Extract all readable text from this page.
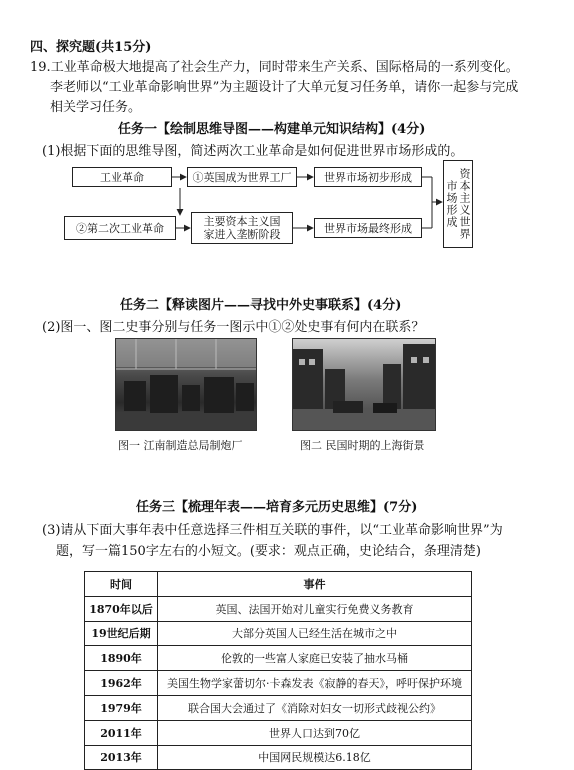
四、探究题(共15分)
19.工业革命极大地提高了社会生产力，同时带来生产关系、国际格局的一系列变化。
李老师以“工业革命影响世界”为主题设计了大单元复习任务单，请你一起参与完成
相关学习任务。
任务一【绘制思维导图——构建单元知识结构】(4分)
(1)根据下面的思维导图，简述两次工业革命是如何促进世界市场形成的。
工业革命	①英国成为世界工厂	世界市场初步形成
②第二次工业革命	主要资本主义国
家进入垄断阶段	世界市场最终形成	资本主义世界市场形成
任务二【释读图片——寻找中外史事联系】(4分)
(2)图一、图二史事分别与任务一图示中①②处史事有何内在联系？
图一 江南制造总局制炮厂	图二 民国时期的上海街景
任务三【梳理年表——培育多元历史思维】(7分)
(3)请从下面大事年表中任意选择三件相互关联的事件，以“工业革命影响世界”为
题，写一篇150字左右的小短文。(要求：观点正确，史论结合，条理清楚)
时间	事件
1870年以后	英国、法国开始对儿童实行免费义务教育
19世纪后期	大部分英国人已经生活在城市之中
1890年	伦敦的一些富人家庭已安装了抽水马桶
1962年	美国生物学家蕾切尔·卡森发表《寂静的春天》，呼吁保护环境
1979年	联合国大会通过了《消除对妇女一切形式歧视公约》
2011年	世界人口达到70亿
2013年	中国网民规模达6.18亿
